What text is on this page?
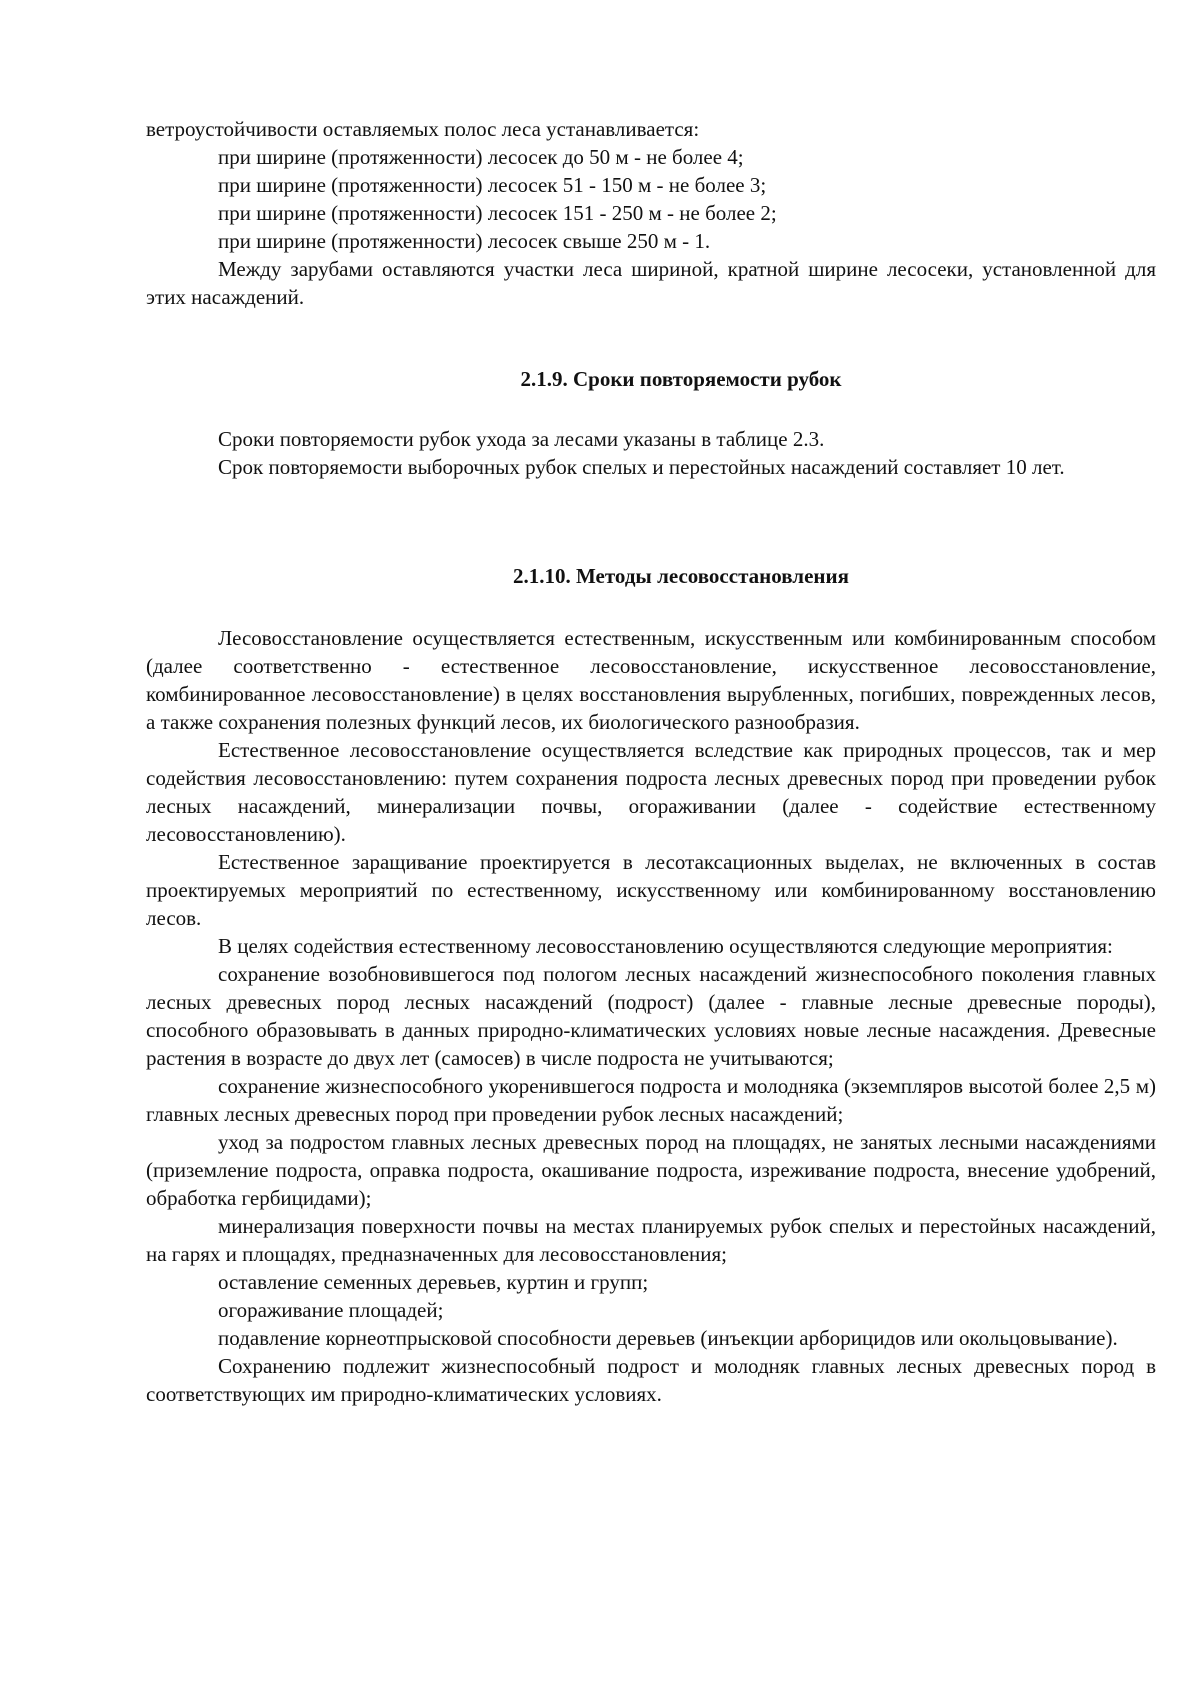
ветроустойчивости оставляемых полос леса устанавливается:

при ширине (протяженности) лесосек до 50 м - не более 4;

при ширине (протяженности) лесосек 51 - 150 м - не более 3;

при ширине (протяженности) лесосек 151 - 250 м - не более 2;

при ширине (протяженности) лесосек свыше 250 м - 1.

Между зарубами оставляются участки леса шириной, кратной ширине лесосеки, установленной для этих насаждений.

2.1.9. Сроки повторяемости рубок

Сроки повторяемости рубок ухода за лесами указаны в таблице 2.3.

Срок повторяемости выборочных рубок спелых и перестойных насаждений составляет 10 лет.

2.1.10. Методы лесовосстановления

Лесовосстановление осуществляется естественным, искусственным или комбинированным способом (далее соответственно - естественное лесовосстановление, искусственное лесовосстановление, комбинированное лесовосстановление) в целях восстановления вырубленных, погибших, поврежденных лесов, а также сохранения полезных функций лесов, их биологического разнообразия.

Естественное лесовосстановление осуществляется вследствие как природных процессов, так и мер содействия лесовосстановлению: путем сохранения подроста лесных древесных пород при проведении рубок лесных насаждений, минерализации почвы, огораживании (далее - содействие естественному лесовосстановлению).

Естественное заращивание проектируется в лесотаксационных выделах, не включенных в состав проектируемых мероприятий по естественному, искусственному или комбинированному восстановлению лесов.

В целях содействия естественному лесовосстановлению осуществляются следующие мероприятия:

сохранение возобновившегося под пологом лесных насаждений жизнеспособного поколения главных лесных древесных пород лесных насаждений (подрост) (далее - главные лесные древесные породы), способного образовывать в данных природно-климатических условиях новые лесные насаждения. Древесные растения в возрасте до двух лет (самосев) в числе подроста не учитываются;

сохранение жизнеспособного укоренившегося подроста и молодняка (экземпляров высотой более 2,5 м) главных лесных древесных пород при проведении рубок лесных насаждений;

уход за подростом главных лесных древесных пород на площадях, не занятых лесными насаждениями (приземление подроста, оправка подроста, окашивание подроста, изреживание подроста, внесение удобрений, обработка гербицидами);

минерализация поверхности почвы на местах планируемых рубок спелых и перестойных насаждений, на гарях и площадях, предназначенных для лесовосстановления;

оставление семенных деревьев, куртин и групп;

огораживание площадей;

подавление корнеотпрысковой способности деревьев (инъекции арборицидов или окольцовывание).

Сохранению подлежит жизнеспособный подрост и молодняк главных лесных древесных пород в соответствующих им природно-климатических условиях.
